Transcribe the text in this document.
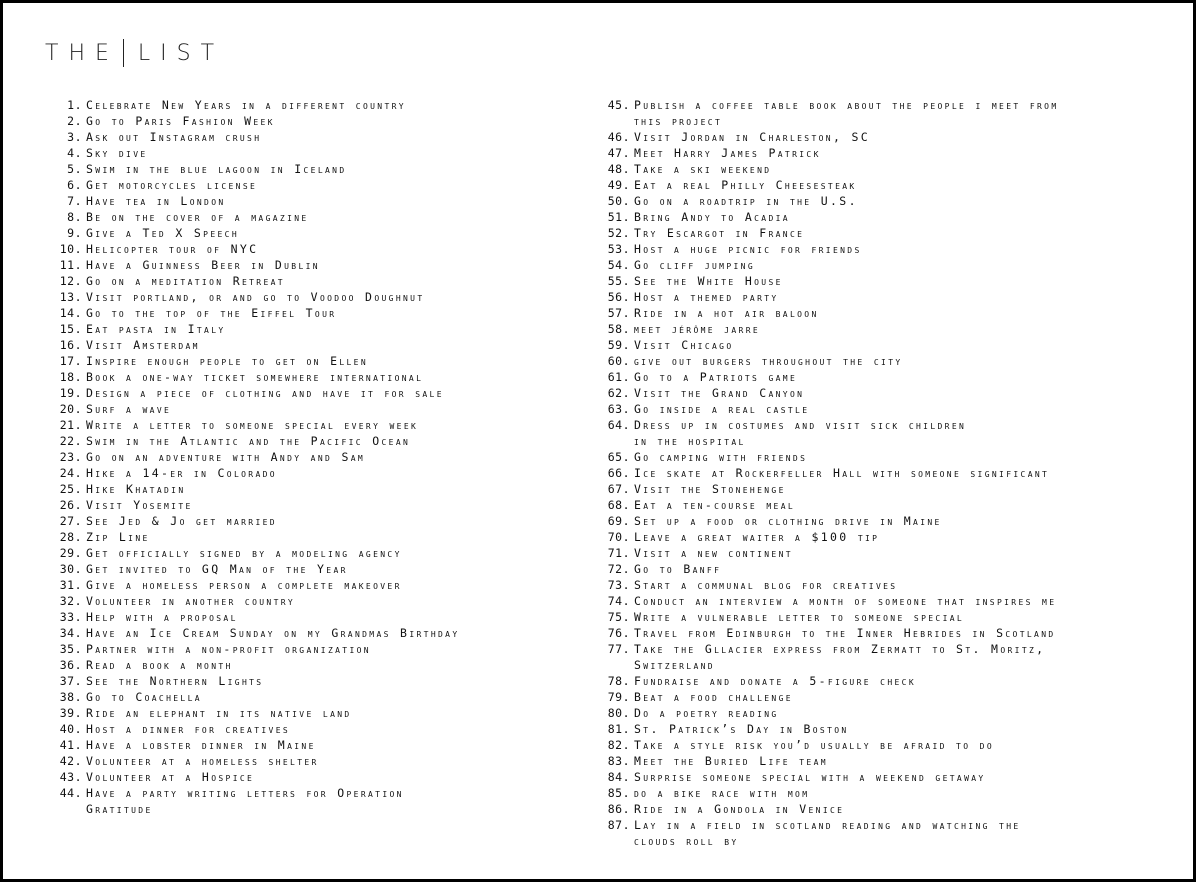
THE LIST
1. Celebrate New Years in a different country
2. Go to Paris Fashion Week
3. Ask out Instagram crush
4. Sky dive
5. Swim in the blue lagoon in Iceland
6. Get motorcycles license
7. Have tea in London
8. Be on the cover of a magazine
9. Give a Ted X Speech
10. Helicopter tour of NYC
11. Have a Guinness Beer in Dublin
12. Go on a meditation Retreat
13. Visit portland, or and go to Voodoo Doughnut
14. Go to the top of the Eiffel Tour
15. Eat pasta in Italy
16. Visit Amsterdam
17. Inspire enough people to get on Ellen
18. Book a one-way ticket somewhere international
19. Design a piece of clothing and have it for sale
20. Surf a wave
21. Write a letter to someone special every week
22. Swim in the Atlantic and the Pacific Ocean
23. Go on an adventure with Andy and Sam
24. Hike a 14-er in Colorado
25. Hike Khatadin
26. Visit Yosemite
27. See Jed & Jo get married
28. Zip Line
29. Get officially signed by a modeling agency
30. Get invited to GQ Man of the Year
31. Give a homeless person a complete makeover
32. Volunteer in another country
33. Help with a proposal
34. Have an Ice Cream Sunday on my Grandmas Birthday
35. Partner with a non-profit organization
36. Read a book a month
37. See the Northern Lights
38. Go to Coachella
39. Ride an elephant in its native land
40. Host a dinner for creatives
41. Have a lobster dinner in Maine
42. Volunteer at a homeless shelter
43. Volunteer at a Hospice
44. Have a party writing letters for Operation
Gratitude
45. Publish a coffee table book about the people i meet from
this project
46. Visit Jordan in Charleston, SC
47. Meet Harry James Patrick
48. Take a ski weekend
49. Eat a real Philly Cheesesteak
50. Go on a roadtrip in the U.S.
51. Bring Andy to Acadia
52. Try Escargot in France
53. Host a huge picnic for friends
54. Go cliff jumping
55. See the White House
56. Host a themed party
57. Ride in a hot air baloon
58. meet jérôme jarre
59. Visit Chicago
60. give out burgers throughout the city
61. Go to a Patriots game
62. Visit the Grand Canyon
63. Go inside a real castle
64. Dress up in costumes and visit sick children
in the hospital
65. Go camping with friends
66. Ice skate at Rockerfeller Hall with someone significant
67. Visit the Stonehenge
68. Eat a ten-course meal
69. Set up a food or clothing drive in Maine
70. Leave a great waiter a $100 tip
71. Visit a new continent
72. Go to Banff
73. Start a communal blog for creatives
74. Conduct an interview a month of someone that inspires me
75. Write a vulnerable letter to someone special
76. Travel from Edinburgh to the Inner Hebrides in Scotland
77. Take the Gllacier express from Zermatt to St. Moritz,
Switzerland
78. Fundraise and donate a 5-figure check
79. Beat a food challenge
80. Do a poetry reading
81. St. Patrick’s Day in Boston
82. Take a style risk you’d usually be afraid to do
83. Meet the Buried Life team
84. Surprise someone special with a weekend getaway
85. do a bike race with mom
86. Ride in a Gondola in Venice
87. Lay in a field in scotland reading and watching the
clouds roll by
